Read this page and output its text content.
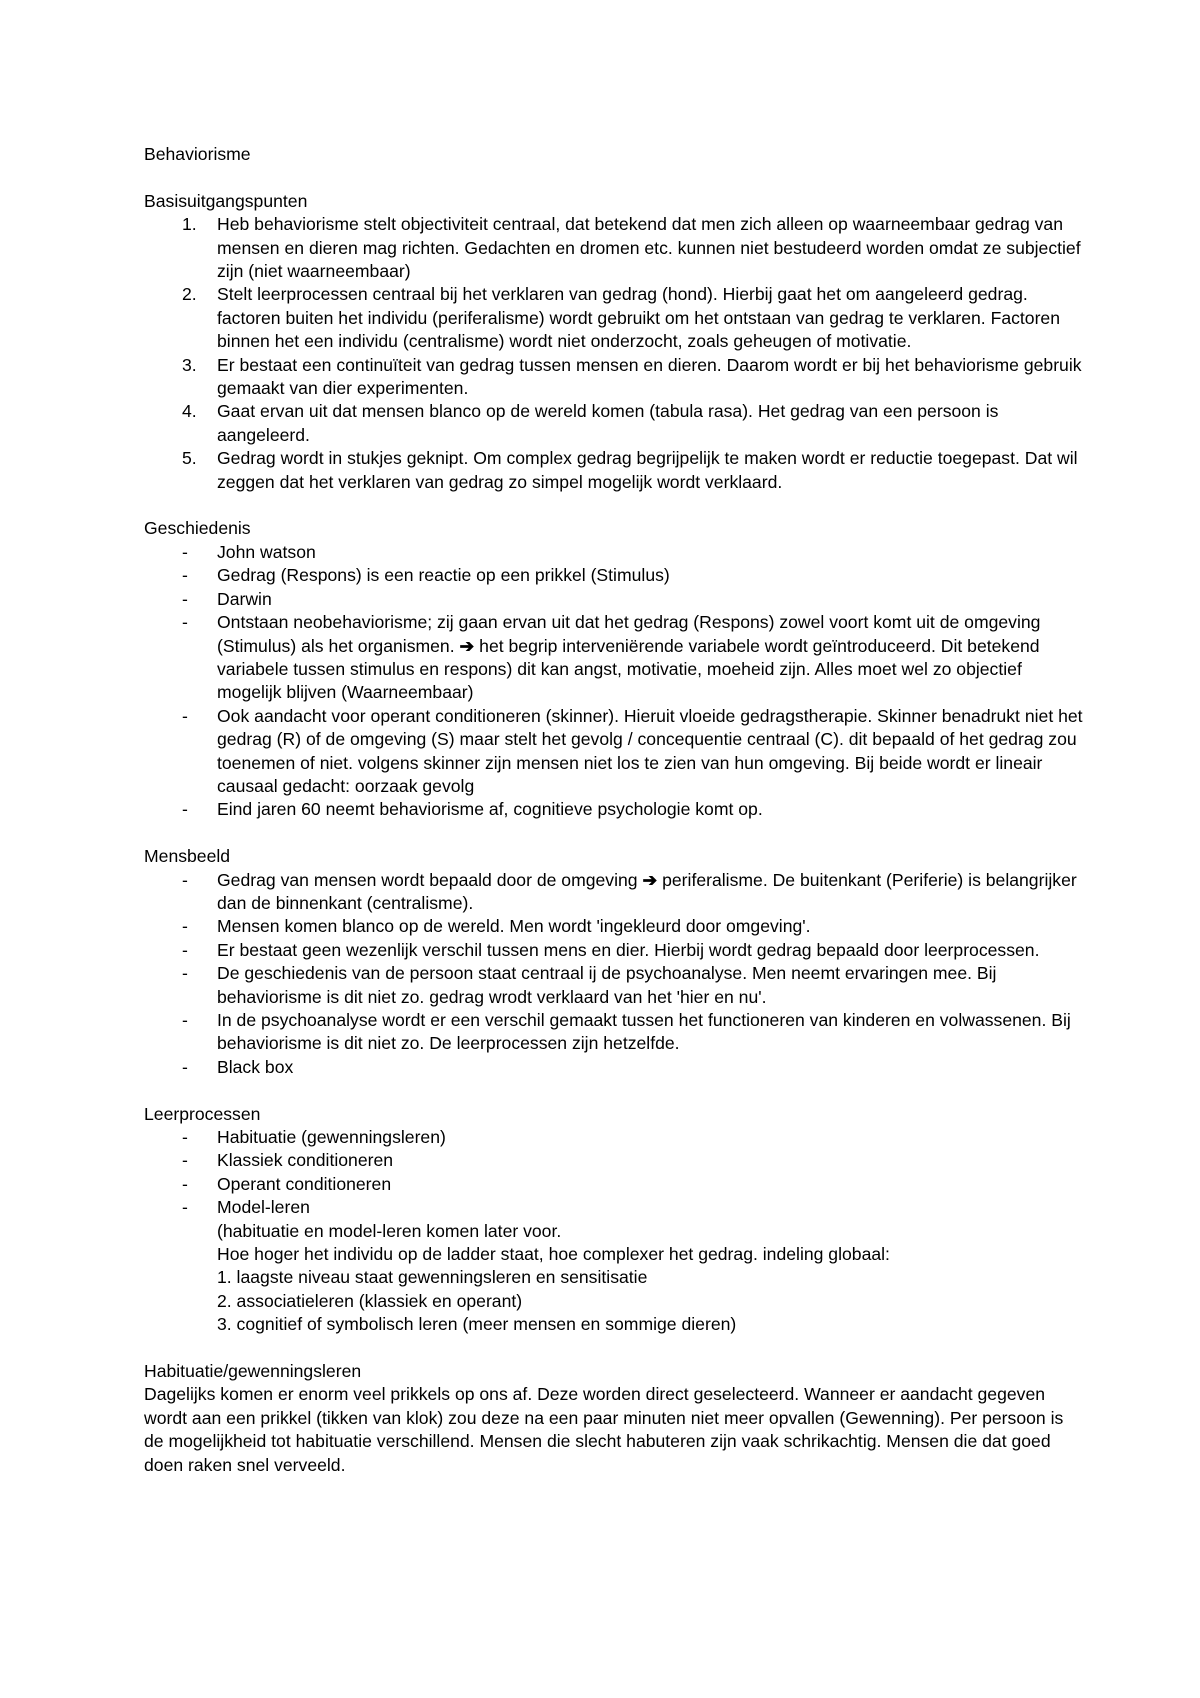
Behaviorisme
Basisuitgangspunten
1. Heb behaviorisme stelt objectiviteit centraal, dat betekend dat men zich alleen op waarneembaar gedrag van mensen en dieren mag richten. Gedachten en dromen etc. kunnen niet bestudeerd worden omdat ze subjectief zijn (niet waarneembaar)
2. Stelt leerprocessen centraal bij het verklaren van gedrag (hond). Hierbij gaat het om aangeleerd gedrag. factoren buiten het individu (periferalisme) wordt gebruikt om het ontstaan van gedrag te verklaren. Factoren binnen het een individu (centralisme) wordt niet onderzocht, zoals geheugen of motivatie.
3. Er bestaat een continuïteit van gedrag tussen mensen en dieren. Daarom wordt er bij het behaviorisme gebruik gemaakt van dier experimenten.
4. Gaat ervan uit dat mensen blanco op de wereld komen (tabula rasa). Het gedrag van een persoon is aangeleerd.
5. Gedrag wordt in stukjes geknipt. Om complex gedrag begrijpelijk te maken wordt er reductie toegepast. Dat wil zeggen dat het verklaren van gedrag zo simpel mogelijk wordt verklaard.
Geschiedenis
- John watson
- Gedrag (Respons) is een reactie op een prikkel (Stimulus)
- Darwin
- Ontstaan neobehaviorisme; zij gaan ervan uit dat het gedrag (Respons) zowel voort komt uit de omgeving (Stimulus) als het organismen. ➔ het begrip interveniërende variabele wordt geïntroduceerd. Dit betekend variabele tussen stimulus en respons) dit kan angst, motivatie, moeheid zijn. Alles moet wel zo objectief mogelijk blijven (Waarneembaar)
- Ook aandacht voor operant conditioneren (skinner). Hieruit vloeide gedragstherapie. Skinner benadrukt niet het gedrag (R) of de omgeving (S) maar stelt het gevolg / concequentie centraal (C). dit bepaald of het gedrag zou toenemen of niet. volgens skinner zijn mensen niet los te zien van hun omgeving. Bij beide wordt er lineair causaal gedacht: oorzaak gevolg
- Eind jaren 60 neemt behaviorisme af, cognitieve psychologie komt op.
Mensbeeld
- Gedrag van mensen wordt bepaald door de omgeving ➔ periferalisme. De buitenkant (Periferie) is belangrijker dan de binnenkant (centralisme).
- Mensen komen blanco op de wereld. Men wordt 'ingekleurd door omgeving'.
- Er bestaat geen wezenlijk verschil tussen mens en dier. Hierbij wordt gedrag bepaald door leerprocessen.
- De geschiedenis van de persoon staat centraal ij de psychoanalyse. Men neemt ervaringen mee. Bij behaviorisme is dit niet zo. gedrag wrodt verklaard van het 'hier en nu'.
- In de psychoanalyse wordt er een verschil gemaakt tussen het functioneren van kinderen en volwassenen. Bij behaviorisme is dit niet zo. De leerprocessen zijn hetzelfde.
- Black box
Leerprocessen
- Habituatie (gewenningsleren)
- Klassiek conditioneren
- Operant conditioneren
- Model-leren
(habituatie en model-leren komen later voor.
Hoe hoger het individu op de ladder staat, hoe complexer het gedrag. indeling globaal:
1. laagste niveau staat gewenningsleren en sensitisatie
2. associatieleren (klassiek en operant)
3. cognitief of symbolisch leren (meer mensen en sommige dieren)
Habituatie/gewenningsleren

Dagelijks komen er enorm veel prikkels op ons af. Deze worden direct geselecteerd. Wanneer er aandacht gegeven wordt aan een prikkel (tikken van klok) zou deze na een paar minuten niet meer opvallen (Gewenning). Per persoon is de mogelijkheid tot habituatie verschillend. Mensen die slecht habuteren zijn vaak schrikachtig. Mensen die dat goed doen raken snel verveeld.
